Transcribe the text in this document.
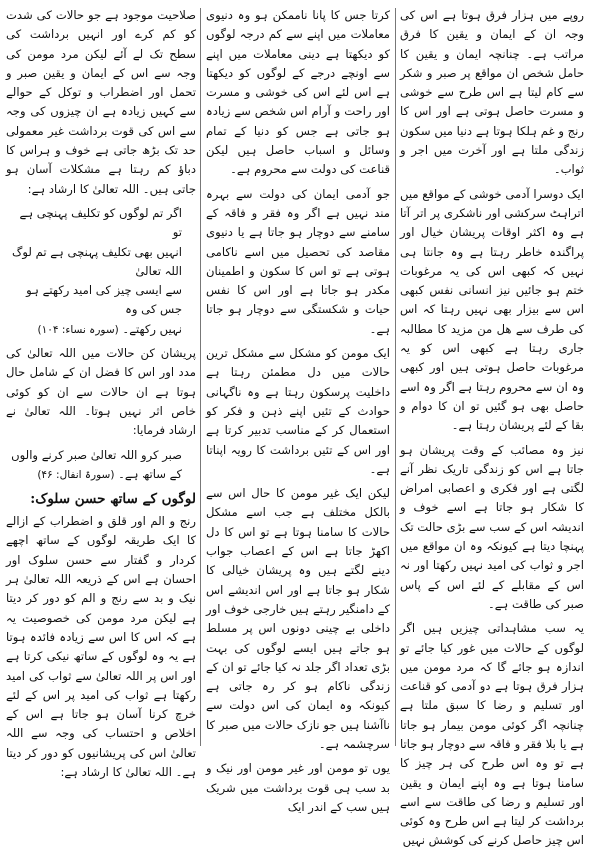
روپے میں ہزار فرق ہوتا ہے اس کی وجہ ان کے ایمان و یقین کا فرق مراتب ہے۔ چنانچہ ایمان و یقین کا حامل شخص ان مواقع پر صبر و شکر سے کام لیتا ہے اس طرح سے خوشی و مسرت حاصل ہوتی ہے اور اس کا رنج و غم ہلکا ہوتا ہے دنیا میں سکون زندگی ملتا ہے اور آخرت میں اجر و ثواب۔

ایک دوسرا آدمی خوشی کے مواقع میں اتراہٹ سرکشی اور ناشکری پر اتر آتا ہے وہ اکثر اوقات پریشان خیال اور پراگندہ خاطر رہتا ہے وہ جانتا ہی نہیں کہ کبھی اس کی یہ مرغوبات ختم ہو جائیں نیز انسانی نفس کبھی اس سے بیزار بھی نہیں رہتا کہ اس کی طرف سے ھل من مزید کا مطالبہ جاری رہتا ہے کبھی اس کو یہ مرغوبات حاصل ہوتی ہیں اور کبھی وہ ان سے محروم رہتا ہے اگر وہ اسے حاصل بھی ہو گئیں تو ان کا دوام و بقا کے لئے پریشان رہتا ہے۔

نیز وہ مصائب کے وقت پریشان ہو جاتا ہے اس کو زندگی تاریک نظر آنے لگتی ہے اور فکری و اعصابی امراض کا شکار ہو جاتا ہے اسے خوف و اندیشہ اس کے سب سے بڑی حالت تک پہنچا دیتا ہے کیونکہ وہ ان مواقع میں اجر و ثواب کی امید نہیں رکھتا اور نہ اس کے مقابلے کے لئے اس کے پاس صبر کی طاقت ہے۔

یہ سب مشاہداتی چیزیں ہیں اگر لوگوں کے حالات میں غور کیا جائے تو اندازہ ہو جائے گا کہ مرد مومن میں ہزار فرق ہوتا ہے دو آدمی کو قناعت اور تسلیم و رضا کا سبق ملتا ہے چنانچہ اگر کوئی مومن بیمار ہو جاتا ہے یا بلا فقر و فاقہ سے دوچار ہو جاتا ہے تو وہ اس طرح کی ہر چیز کا سامنا ہوتا ہے وہ اپنے ایمان و یقین اور تسلیم و رضا کی طاقت سے اسے برداشت کر لیتا ہے اس طرح وہ کوئی اس چیز حاصل کرنے کی کوشش نہیں

کرتا جس کا پانا ناممکن ہو وہ دنیوی معاملات میں اپنے سے کم درجہ لوگوں کو دیکھتا ہے دینی معاملات میں اپنے سے اونچے درجے کے لوگوں کو دیکھتا ہے اس لئے اس کی خوشی و مسرت اور راحت و آرام اس شخص سے زیادہ ہو جاتی ہے جس کو دنیا کے تمام وسائل و اسباب حاصل ہیں لیکن قناعت کی دولت سے محروم ہے۔

جو آدمی ایمان کی دولت سے بہرہ مند نہیں ہے اگر وہ فقر و فاقہ کے سامنے سے دوچار ہو جاتا ہے یا دنیوی مقاصد کی تحصیل میں اسے ناکامی ہوتی ہے تو اس کا سکون و اطمینان مکدر ہو جاتا ہے اور اس کا نفس حیات و شکستگی سے دوچار ہو جاتا ہے۔

ایک مومن کو مشکل سے مشکل ترین حالات میں دل مطمئن رہتا ہے داخلیت پرسکون رہتا ہے وہ ناگہانی حوادث کے تئیں اپنے ذہن و فکر کو استعمال کر کے مناسب تدبیر کرتا ہے اور اس کے تئیں برداشت کا رویہ اپناتا ہے۔

لیکن ایک غیر مومن کا حال اس سے بالکل مختلف ہے جب اسے مشکل حالات کا سامنا ہوتا ہے تو اس کا دل اکھڑ جاتا ہے اس کے اعصاب جواب دینے لگتے ہیں وہ پریشان خیالی کا شکار ہو جاتا ہے اور اس اندیشے اس کے دامنگیر رہتے ہیں خارجی خوف اور داخلی بے چینی دونوں اس پر مسلط ہو جاتے ہیں ایسے لوگوں کی بہت بڑی تعداد اگر جلد نہ کیا جائے تو ان کے زندگی ناکام ہو کر رہ جاتی ہے کیونکہ وہ ایمان کی اس دولت سے ناآشنا ہیں جو نازک حالات میں صبر کا سرچشمہ ہے۔

یوں تو مومن اور غیر مومن اور نیک و بد سب ہی قوت برداشت میں شریک ہیں سب کے اندر ایک

صلاحیت موجود ہے جو حالات کی شدت کو کم کرے اور انہیں برداشت کی سطح تک لے آئے لیکن مرد مومن کی وجہ سے اس کے ایمان و یقین صبر و تحمل اور اضطراب و توکل کے حوالے سے کہیں زیادہ ہے ان چیزوں کی وجہ سے اس کی قوت برداشت غیر معمولی حد تک بڑھ جاتی ہے خوف و ہراس کا دباؤ کم رہتا ہے مشکلات آسان ہو جاتی ہیں۔ اللہ تعالیٰ کا ارشاد ہے:

اگر تم لوگوں کو تکلیف پہنچی ہے تو
انہیں بھی تکلیف پہنچی ہے تم لوگ اللہ تعالیٰ
سے ایسی چیز کی امید رکھتے ہو جس کی وہ
نہیں رکھتے۔ (سورہ نساء: ۱۰۴)

پریشان کن حالات میں اللہ تعالیٰ کی مدد اور اس کا فضل ان کے شامل حال ہوتا ہے ان حالات سے ان کو کوئی خاص اثر نہیں ہوتا۔ اللہ تعالیٰ نے ارشاد فرمایا:

صبر کرو اللہ تعالیٰ صبر کرنے والوں
کے ساتھ ہے۔ (سورۃ انفال: ۴۶)
لوگوں کے ساتھ حسن سلوک:

رنج و الم اور قلق و اضطراب کے ازالے کا ایک طریقہ لوگوں کے ساتھ اچھے کردار و گفتار سے حسن سلوک اور احسان ہے اس کے ذریعہ اللہ تعالیٰ ہر نیک و بد سے رنج و الم کو دور کر دیتا ہے لیکن مرد مومن کی خصوصیت یہ ہے کہ اس کا اس سے زیادہ فائدہ ہوتا ہے یہ وہ لوگوں کے ساتھ نیکی کرتا ہے اور اس پر اللہ تعالیٰ سے ثواب کی امید رکھتا ہے ثواب کی امید پر اس کے لئے خرچ کرنا آسان ہو جاتا ہے اس کے اخلاص و احتساب کی وجہ سے اللہ تعالیٰ اس کی پریشانیوں کو دور کر دیتا ہے۔ اللہ تعالیٰ کا ارشاد ہے:
